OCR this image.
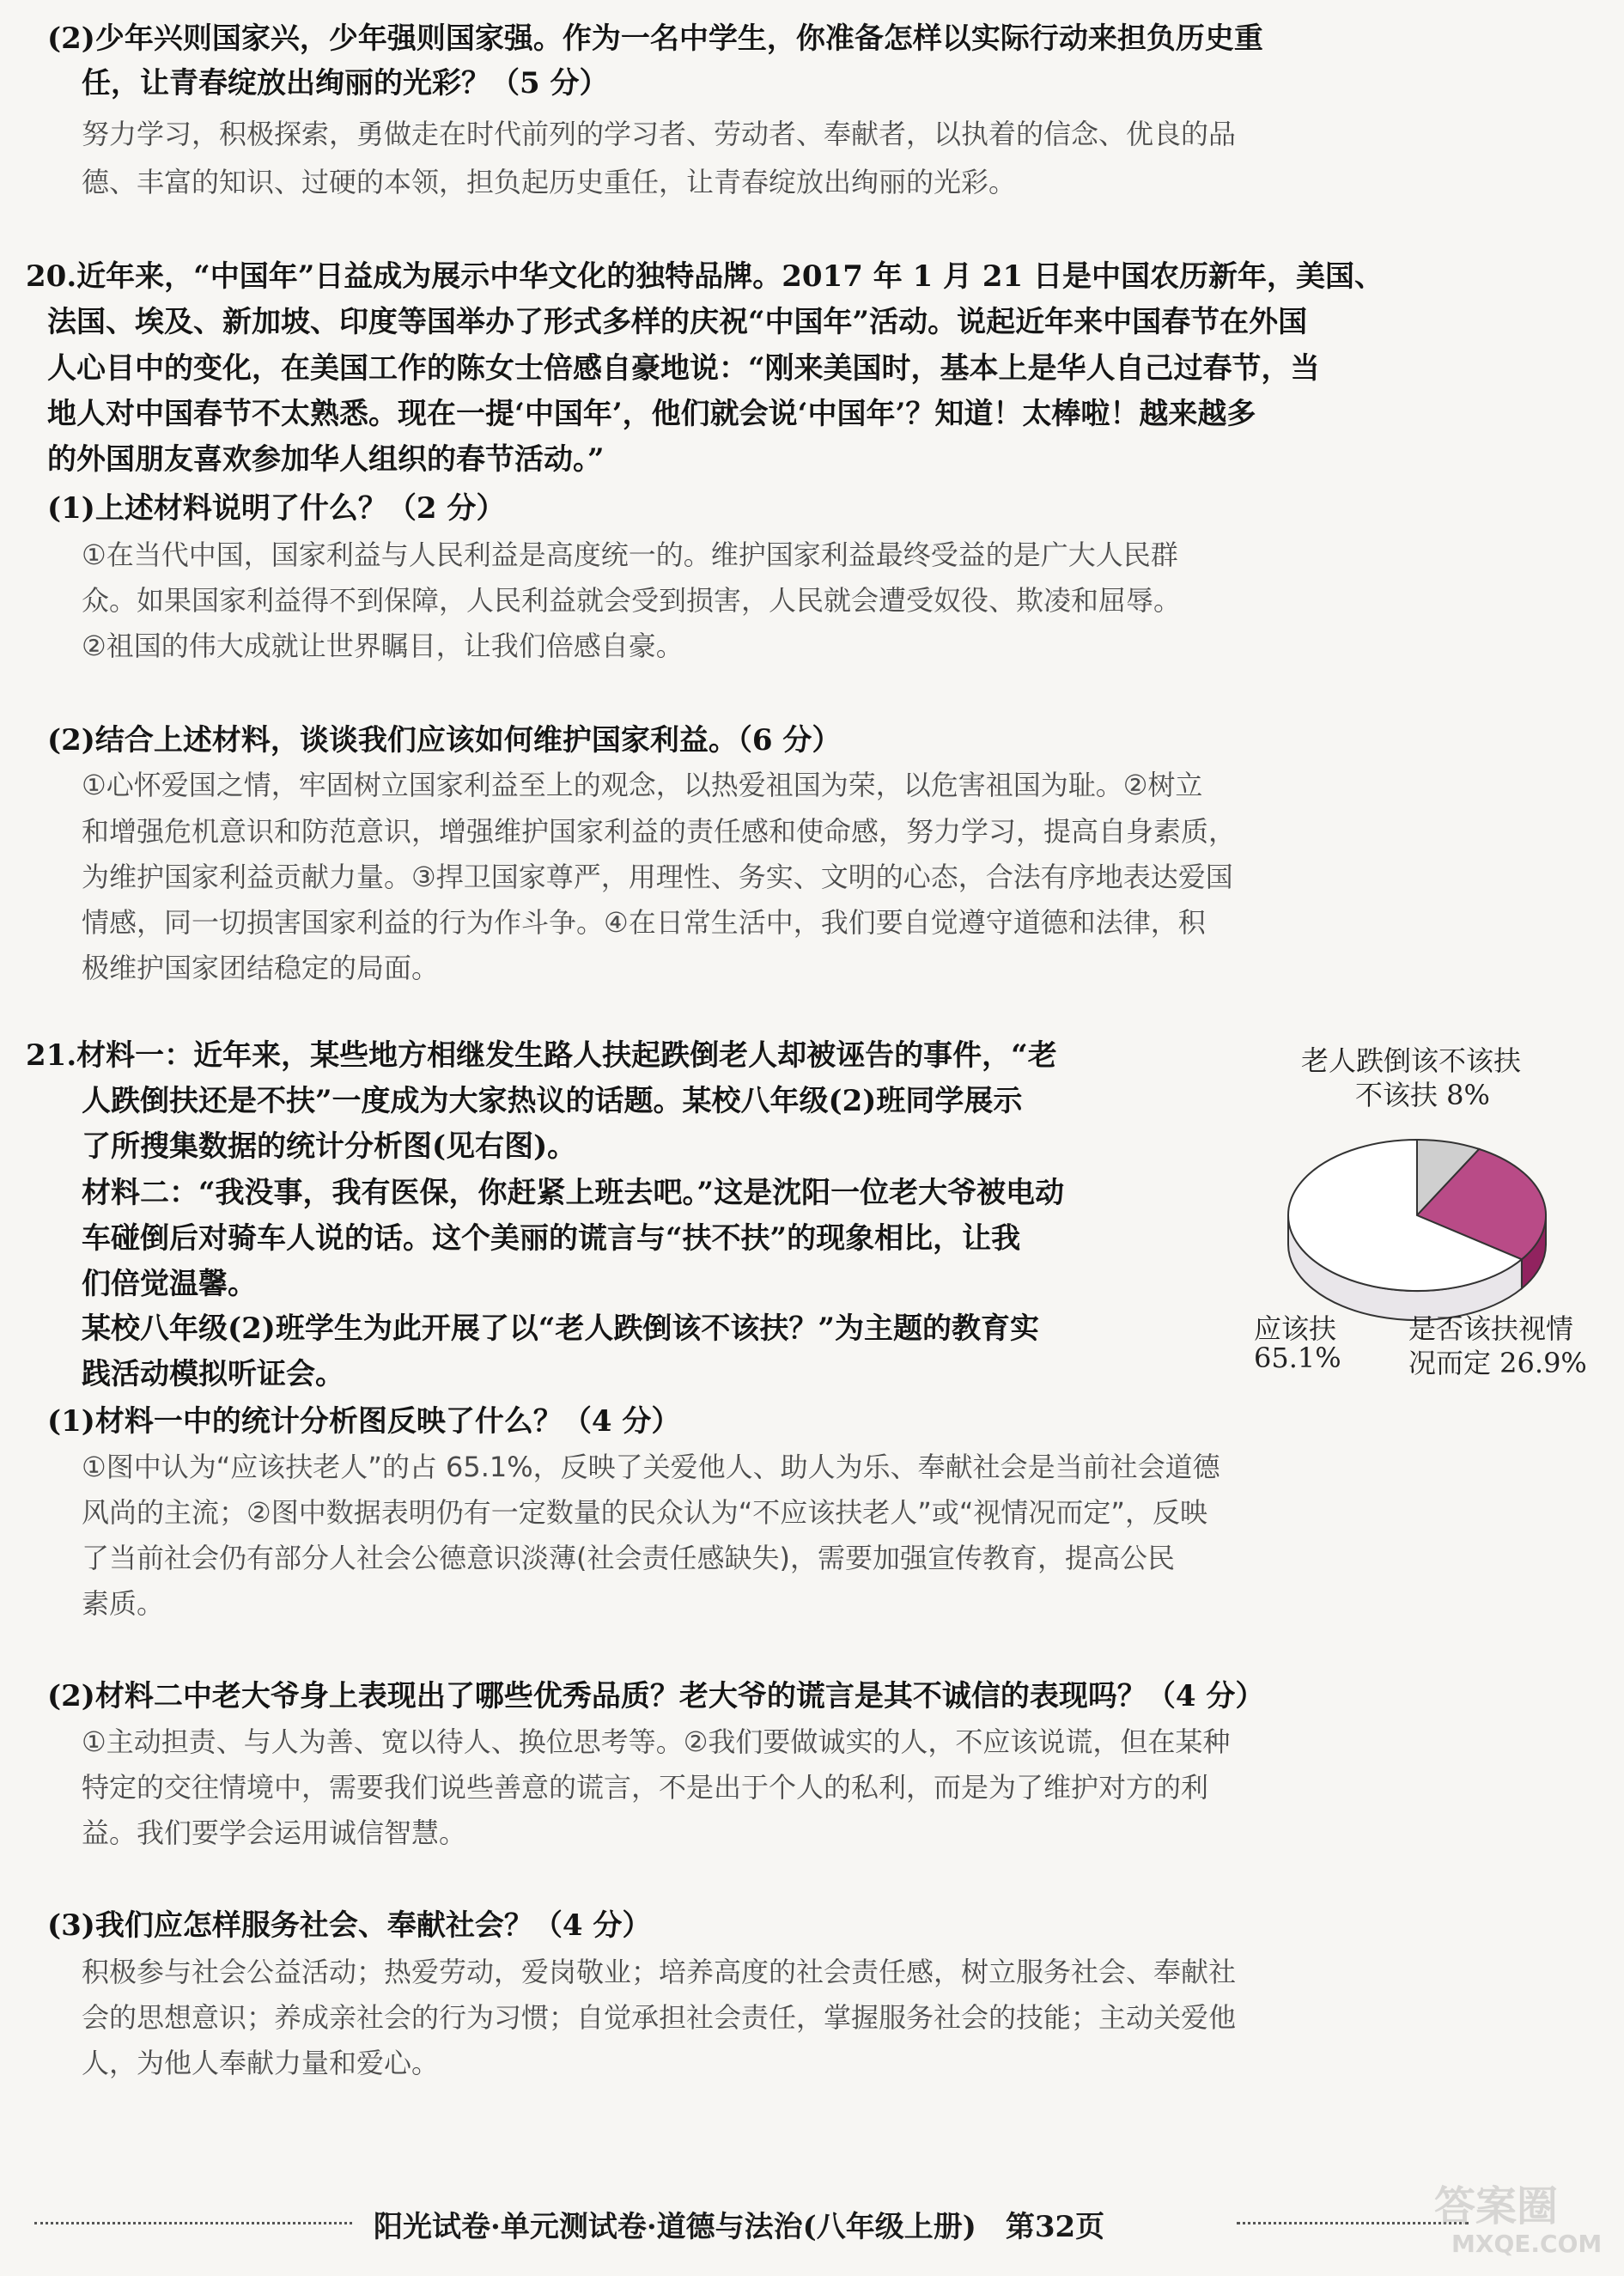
(2)少年兴则国家兴，少年强则国家强。作为一名中学生，你准备怎样以实际行动来担负历史重
任，让青春绽放出绚丽的光彩？（5 分）
努力学习，积极探索，勇做走在时代前列的学习者、劳动者、奉献者，以执着的信念、优良的品
德、丰富的知识、过硬的本领，担负起历史重任，让青春绽放出绚丽的光彩。
20.近年来，“中国年”日益成为展示中华文化的独特品牌。2017 年 1 月 21 日是中国农历新年，美国、
法国、埃及、新加坡、印度等国举办了形式多样的庆祝“中国年”活动。说起近年来中国春节在外国
人心目中的变化，在美国工作的陈女士倍感自豪地说：“刚来美国时，基本上是华人自己过春节，当
地人对中国春节不太熟悉。现在一提‘中国年’，他们就会说‘中国年’？知道！太棒啦！越来越多
的外国朋友喜欢参加华人组织的春节活动。”
(1)上述材料说明了什么？（2 分）
①在当代中国，国家利益与人民利益是高度统一的。维护国家利益最终受益的是广大人民群
众。如果国家利益得不到保障，人民利益就会受到损害，人民就会遭受奴役、欺凌和屈辱。
②祖国的伟大成就让世界瞩目，让我们倍感自豪。
(2)结合上述材料，谈谈我们应该如何维护国家利益。（6 分）
①心怀爱国之情，牢固树立国家利益至上的观念，以热爱祖国为荣，以危害祖国为耻。②树立
和增强危机意识和防范意识，增强维护国家利益的责任感和使命感，努力学习，提高自身素质，
为维护国家利益贡献力量。③捍卫国家尊严，用理性、务实、文明的心态，合法有序地表达爱国
情感，同一切损害国家利益的行为作斗争。④在日常生活中，我们要自觉遵守道德和法律，积
极维护国家团结稳定的局面。
21.材料一：近年来，某些地方相继发生路人扶起跌倒老人却被诬告的事件，“老
人跌倒扶还是不扶”一度成为大家热议的话题。某校八年级(2)班同学展示
了所搜集数据的统计分析图(见右图)。
材料二：“我没事，我有医保，你赶紧上班去吧。”这是沈阳一位老大爷被电动
车碰倒后对骑车人说的话。这个美丽的谎言与“扶不扶”的现象相比，让我
们倍觉温馨。
某校八年级(2)班学生为此开展了以“老人跌倒该不该扶？”为主题的教育实
践活动模拟听证会。
老人跌倒该不该扶
不该扶 8%
应该扶
65.1%
是否该扶视情
况而定 26.9%
(1)材料一中的统计分析图反映了什么？（4 分）
①图中认为“应该扶老人”的占 65.1%，反映了关爱他人、助人为乐、奉献社会是当前社会道德
风尚的主流；②图中数据表明仍有一定数量的民众认为“不应该扶老人”或“视情况而定”，反映
了当前社会仍有部分人社会公德意识淡薄(社会责任感缺失)，需要加强宣传教育，提高公民
素质。
(2)材料二中老大爷身上表现出了哪些优秀品质？老大爷的谎言是其不诚信的表现吗？（4 分）
①主动担责、与人为善、宽以待人、换位思考等。②我们要做诚实的人，不应该说谎，但在某种
特定的交往情境中，需要我们说些善意的谎言，不是出于个人的私利，而是为了维护对方的利
益。我们要学会运用诚信智慧。
(3)我们应怎样服务社会、奉献社会？（4 分）
积极参与社会公益活动；热爱劳动，爱岗敬业；培养高度的社会责任感，树立服务社会、奉献社
会的思想意识；养成亲社会的行为习惯；自觉承担社会责任，掌握服务社会的技能；主动关爱他
人，为他人奉献力量和爱心。
阳光试卷·单元测试卷·道德与法治(八年级上册)　第32页	答案圈
MXQE.COM
